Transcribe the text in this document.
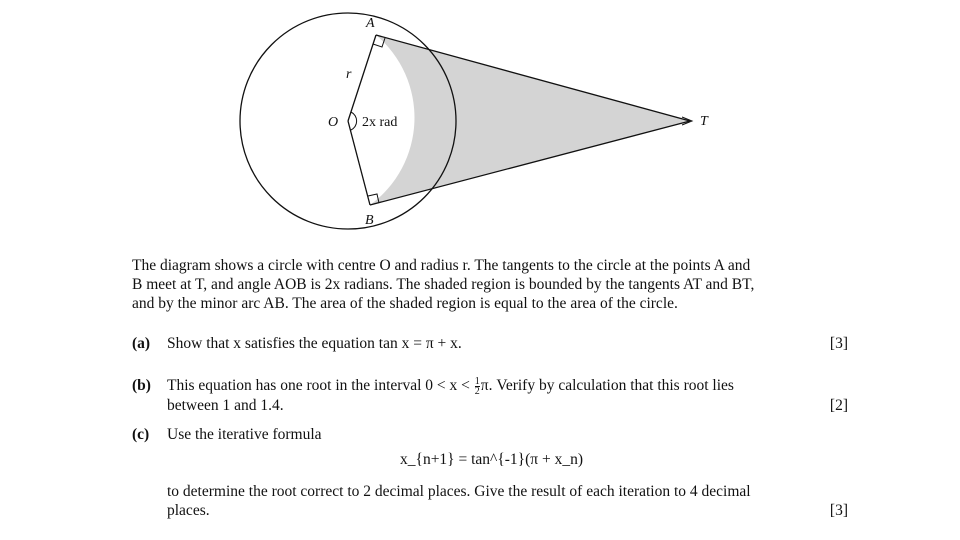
A
B
O	T
r
2x rad
The diagram shows a circle with centre O and radius r. The tangents to the circle at the points A and
B meet at T, and angle AOB is 2x radians. The shaded region is bounded by the tangents AT and BT,
and by the minor arc AB. The area of the shaded region is equal to the area of the circle.
(a) Show that x satisfies the equation tan x = π + x.	[3]
(b) This equation has one root in the interval $0 < x < \frac{1}{2} \pi$. Verify by calculation that this root lies
between 1 and 1.4.	[2]
(c) Use the iterative formula
x_{n+1} = tan^{-1}(π + x_n)
to determine the root correct to 2 decimal places. Give the result of each iteration to 4 decimal
places.	[3]
